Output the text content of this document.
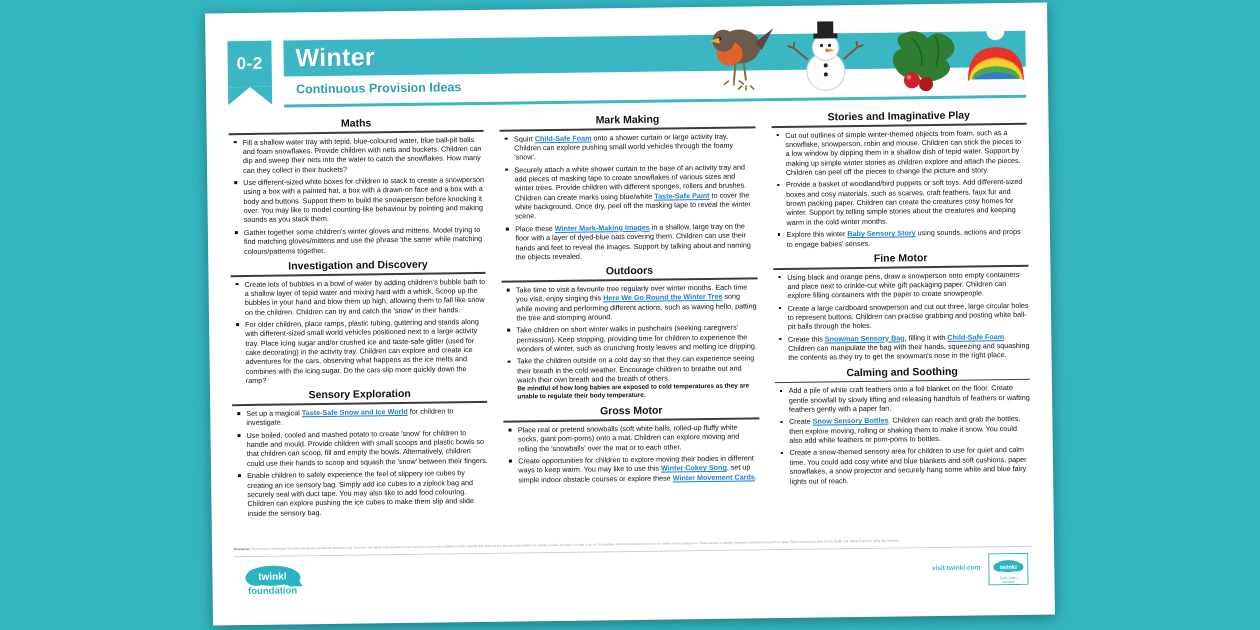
0-2	Winter
Continuous Provision Ideas
Maths
Fill a shallow water tray with tepid, blue-coloured water, blue ball-pit balls and foam snowflakes. Provide children with nets and buckets. Children can dip and sweep their nets into the water to catch the snowflakes. How many can they collect in their buckets?
Use different-sized white boxes for children to stack to create a snowperson using a box with a painted hat, a box with a drawn-on face and a box with a body and buttons. Support them to build the snowperson before knocking it over. You may like to model counting-like behaviour by pointing and making sounds as you stack them.
Gather together some children's winter gloves and mittens. Model trying to find matching gloves/mittens and use the phrase 'the same' while matching colours/patterns together.
Investigation and Discovery
Create lots of bubbles in a bowl of water by adding children's bubble bath to a shallow layer of tepid water and mixing hard with a whisk. Scoop up the bubbles in your hand and blow them up high, allowing them to fall like snow on the children. Children can try and catch the 'snow' in their hands.
For older children, place ramps, plastic tubing, guttering and stands along with different-sized small world vehicles positioned next to a large activity tray. Place icing sugar and/or crushed ice and taste-safe glitter (used for cake decorating) in the activity tray. Children can explore and create ice adventures for the cars, observing what happens as the ice melts and combines with the icing sugar. Do the cars slip more quickly down the ramp?
Sensory Exploration
Set up a magical Taste-Safe Snow and Ice World for children to investigate.
Use boiled, cooled and mashed potato to create 'snow' for children to handle and mould. Provide children with small scoops and plastic bowls so that children can scoop, fill and empty the bowls. Alternatively, children could use their hands to scoop and squash the 'snow' between their fingers.
Enable children to safely experience the feel of slippery ice cubes by creating an ice sensory bag. Simply add ice cubes to a ziplock bag and securely seal with duct tape. You may also like to add food colouring. Children can explore pushing the ice cubes to make them slip and slide inside the sensory bag.
Mark Making
Squirt Child-Safe Foam onto a shower curtain or large activity tray. Children can explore pushing small world vehicles through the foamy 'snow'.
Securely attach a white shower curtain to the base of an activity tray and add pieces of masking tape to create snowflakes of various sizes and winter trees. Provide children with different sponges, rollers and brushes. Children can create marks using blue/white Taste-Safe Paint to cover the white background. Once dry, peel off the masking tape to reveal the winter scene.
Place these Winter Mark-Making Images in a shallow, large tray on the floor with a layer of dyed-blue oats covering them. Children can use their hands and feet to reveal the images. Support by talking about and naming the objects revealed.
Outdoors
Take time to visit a favourite tree regularly over winter months. Each time you visit, enjoy singing this Here We Go Round the Winter Tree song while moving and performing different actions, such as waving hello, patting the tree and stomping around.
Take children on short winter walks in pushchairs (seeking caregivers' permission). Keep stopping, providing time for children to experience the wonders of winter, such as crunching frosty leaves and melting ice dripping.
Take the children outside on a cold day so that they can experience seeing their breath in the cold weather. Encourage children to breathe out and watch their own breath and the breath of others.
Be mindful of how long babies are exposed to cold temperatures as they are unable to regulate their body temperature.
Gross Motor
Place real or pretend snowballs (soft white balls, rolled-up fluffy white socks, giant pom-poms) onto a mat. Children can explore moving and rolling the 'snowballs' over the mat or to each other.
Create opportunities for children to explore moving their bodies in different ways to keep warm. You may like to use this Winter Cokey Song, set up simple indoor obstacle courses or explore these Winter Movement Cards.
Stories and Imaginative Play
Cut out outlines of simple winter-themed objects from foam, such as a snowflake, snowperson, robin and mouse. Children can stick the pieces to a low window by dipping them in a shallow dish of tepid water. Support by making up simple winter stories as children explore and attach the pieces. Children can peel off the pieces to change the picture and story.
Provide a basket of woodland/bird puppets or soft toys. Add different-sized boxes and cosy materials, such as scarves, craft feathers, faux fur and brown packing paper. Children can create the creatures cosy homes for winter. Support by telling simple stories about the creatures and keeping warm in the cold winter months.
Explore this winter Baby Sensory Story using sounds, actions and props to engage babies' senses.
Fine Motor
Using black and orange pens, draw a snowperson onto empty containers and place next to crinkle-cut white gift packaging paper. Children can explore filling containers with the paper to create snowpeople.
Create a large cardboard snowperson and cut out three, large circular holes to represent buttons. Children can practise grabbing and posting white ball-pit balls through the holes.
Create this Snowman Sensory Bag, filling it with Child-Safe Foam. Children can manipulate the bag with their hands, squeezing and squashing the contents as they try to get the snowman's nose in the right place.
Calming and Soothing
Add a pile of white craft feathers onto a foil blanket on the floor. Create gentle snowfall by slowly lifting and releasing handfuls of feathers or wafting feathers gently with a paper fan.
Create Snow Sensory Bottles. Children can reach and grab the bottles, then explore moving, rolling or shaking them to make it snow. You could also add white feathers or pom-poms to bottles.
Create a snow-themed sensory area for children to use for quiet and calm time. You could add cosy white and blue blankets and soft cushions, paper snowflakes, a snow projector and securely hang some white and blue fairy lights out of reach.
Disclaimer: This resource is provided for informational and educational purposes only. To ensure the safety of the learners in your setting it is your responsibility to inform parents and carers of any potential risks before the activity is safely proceed. It is safe to do so, for example, over the shortened amount of ice cubes or icing, dangerous. These contact is suitably classified professional, hazards or injury. Twinkl is not responsible for the health and safety of anyone using any resource.
twinkl
foundation
visit twinkl.com	twinkl
Early Years
Network
